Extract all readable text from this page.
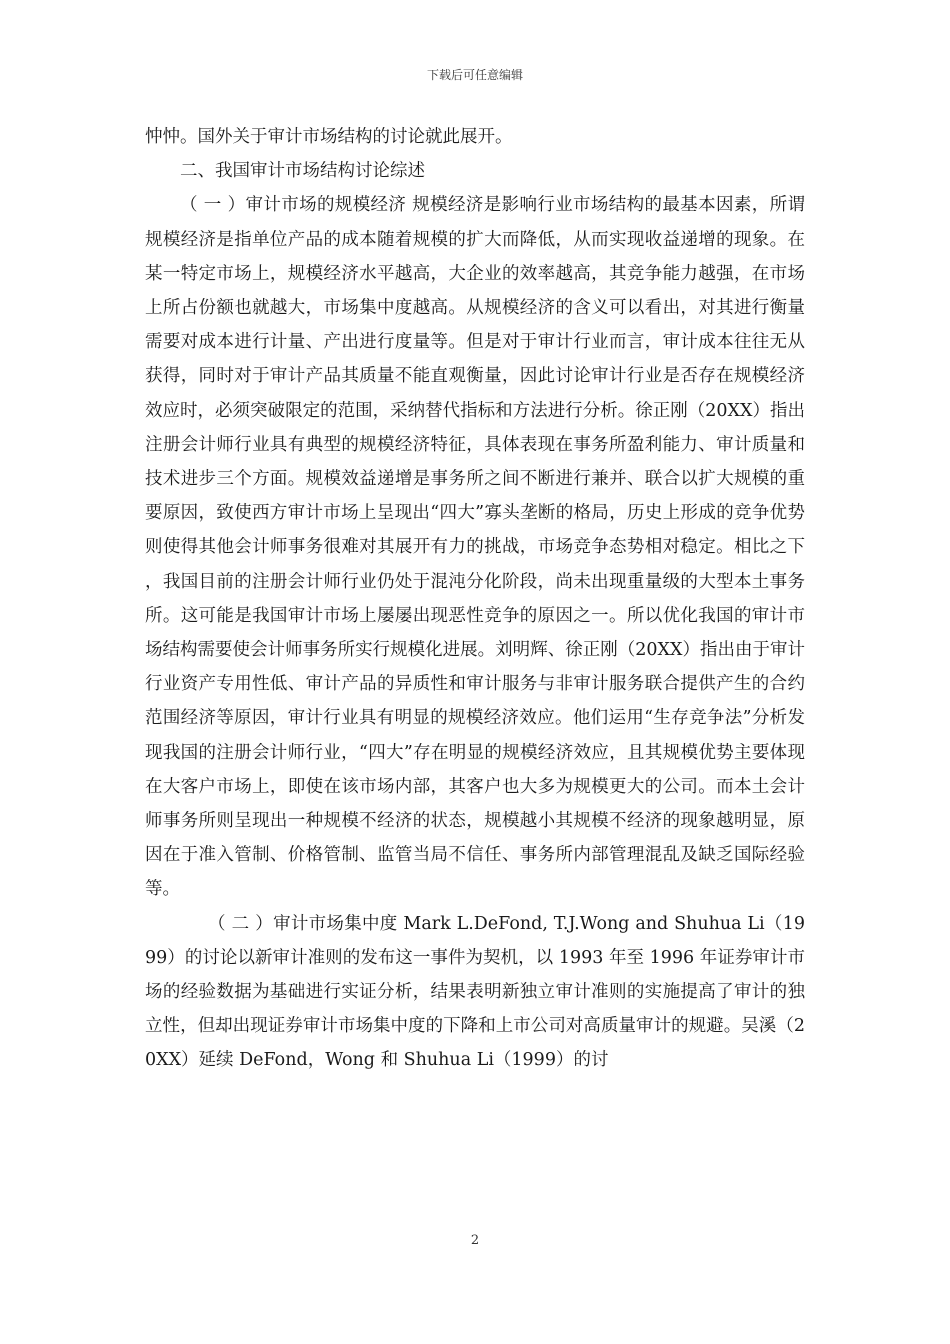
下载后可任意编辑

忡忡。国外关于审计市场结构的讨论就此展开。

二、我国审计市场结构讨论综述

（ 一 ）审计市场的规模经济 规模经济是影响行业市场结构的最基本因素，所谓规模经济是指单位产品的成本随着规模的扩大而降低，从而实现收益递增的现象。在某一特定市场上，规模经济水平越高，大企业的效率越高，其竞争能力越强，在市场上所占份额也就越大，市场集中度越高。从规模经济的含义可以看出，对其进行衡量需要对成本进行计量、产出进行度量等。但是对于审计行业而言，审计成本往往无从获得，同时对于审计产品其质量不能直观衡量，因此讨论审计行业是否存在规模经济效应时，必须突破限定的范围，采纳替代指标和方法进行分析。徐正刚（20XX）指出注册会计师行业具有典型的规模经济特征，具体表现在事务所盈利能力、审计质量和技术进步三个方面。规模效益递增是事务所之间不断进行兼并、联合以扩大规模的重要原因，致使西方审计市场上呈现出“四大”寡头垄断的格局，历史上形成的竞争优势则使得其他会计师事务很难对其展开有力的挑战，市场竞争态势相对稳定。相比之下，我国目前的注册会计师行业仍处于混沌分化阶段，尚未出现重量级的大型本土事务所。这可能是我国审计市场上屡屡出现恶性竞争的原因之一。所以优化我国的审计市场结构需要使会计师事务所实行规模化进展。刘明辉、徐正刚（20XX）指出由于审计行业资产专用性低、审计产品的异质性和审计服务与非审计服务联合提供产生的合约范围经济等原因，审计行业具有明显的规模经济效应。他们运用“生存竞争法”分析发现我国的注册会计师行业，“四大”存在明显的规模经济效应，且其规模优势主要体现在大客户市场上，即使在该市场内部，其客户也大多为规模更大的公司。而本土会计师事务所则呈现出一种规模不经济的状态，规模越小其规模不经济的现象越明显，原因在于准入管制、价格管制、监管当局不信任、事务所内部管理混乱及缺乏国际经验等。

（ 二 ）审计市场集中度 Mark L.DeFond, T.J.Wong and Shuhua Li（1999）的讨论以新审计准则的发布这一事件为契机，以 1993 年至 1996 年证券审计市场的经验数据为基础进行实证分析，结果表明新独立审计准则的实施提高了审计的独立性，但却出现证券审计市场集中度的下降和上市公司对高质量审计的规避。吴溪（20XX）延续 DeFond，Wong 和 Shuhua Li（1999）的讨

2
